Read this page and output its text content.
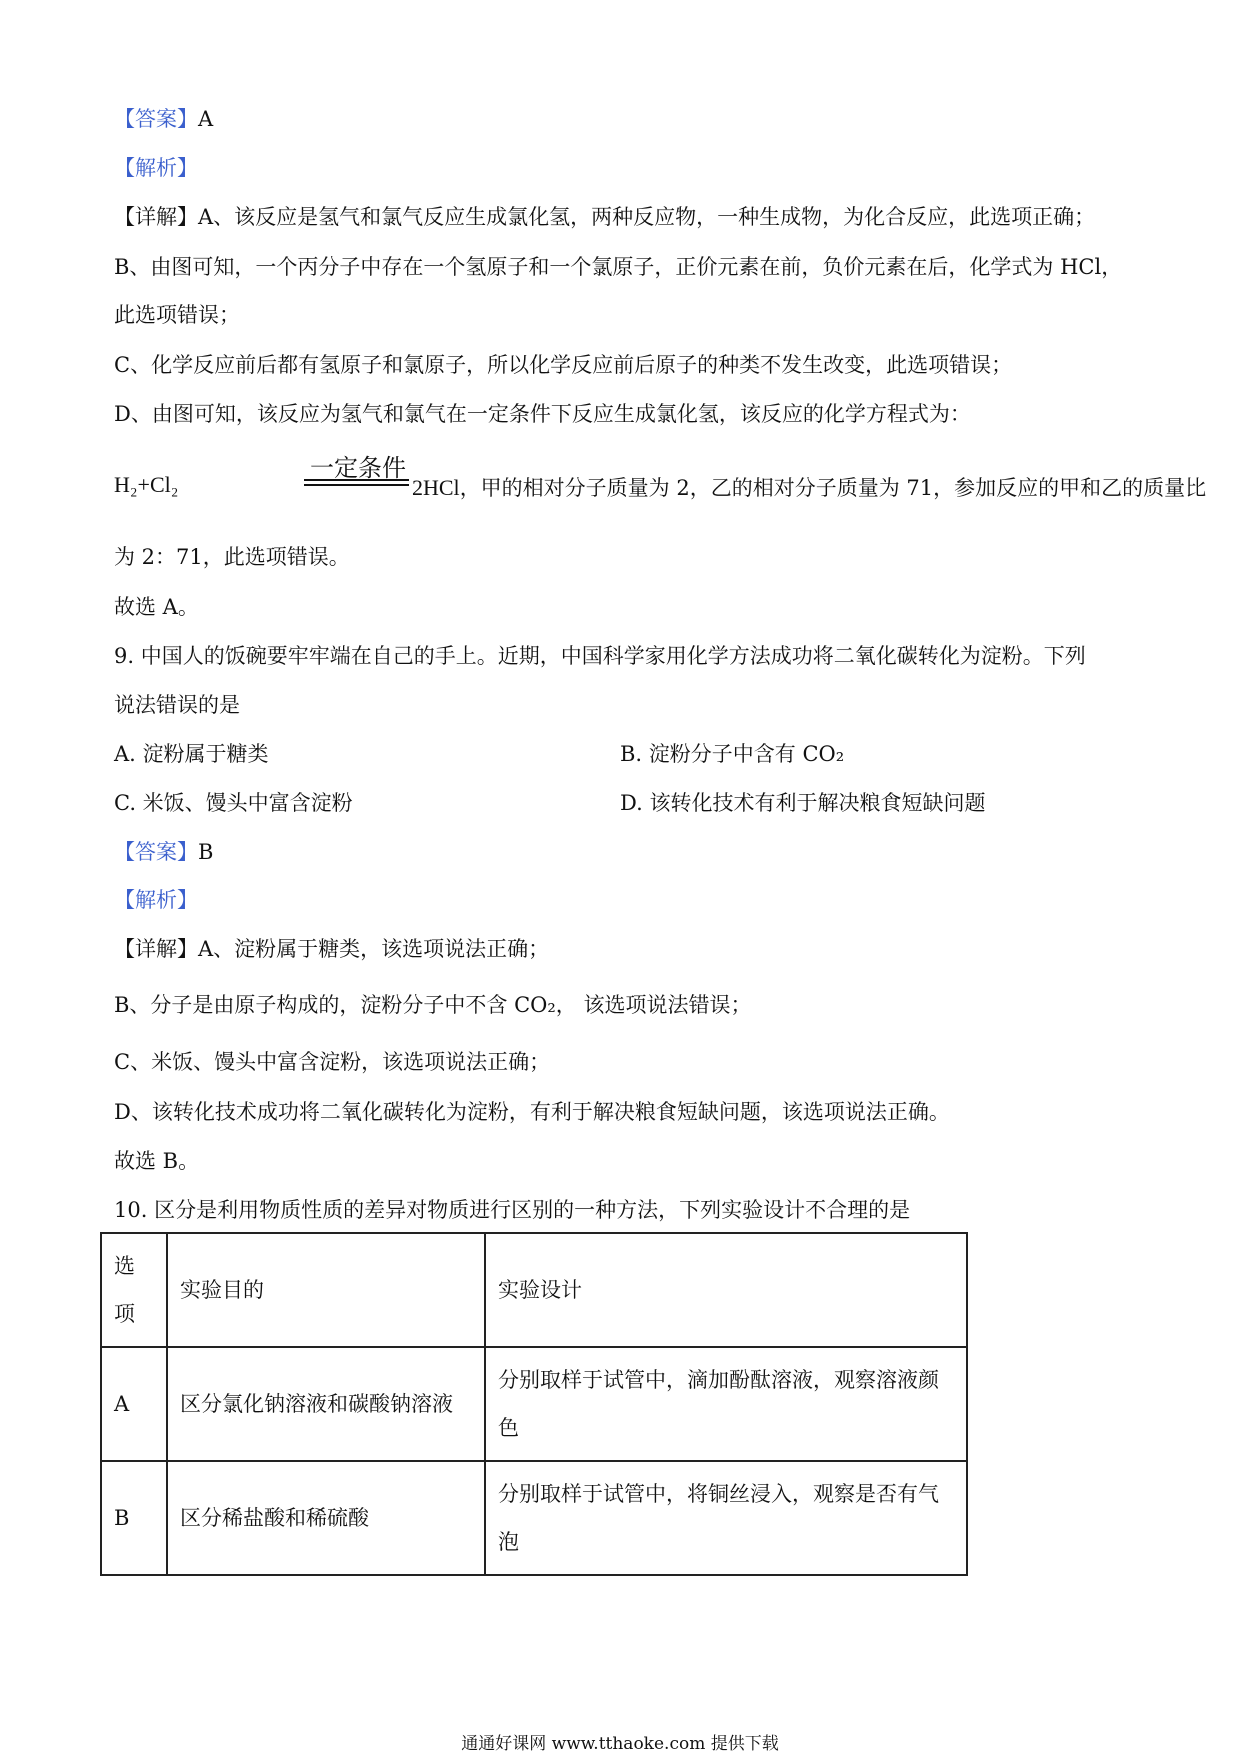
【答案】A
【解析】
【详解】A、该反应是氢气和氯气反应生成氯化氢，两种反应物，一种生成物，为化合反应，此选项正确；
B、由图可知，一个丙分子中存在一个氢原子和一个氯原子，正价元素在前，负价元素在后，化学式为 HCl，
此选项错误；
C、化学反应前后都有氢原子和氯原子，所以化学反应前后原子的种类不发生改变，此选项错误；
D、由图可知，该反应为氢气和氯气在一定条件下反应生成氯化氢，该反应的化学方程式为：
H₂+Cl₂
一定条件
2HCl，甲的相对分子质量为 2，乙的相对分子质量为 71，参加反应的甲和乙的质量比
为 2：71，此选项错误。
故选 A。
9. 中国人的饭碗要牢牢端在自己的手上。近期，中国科学家用化学方法成功将二氧化碳转化为淀粉。下列
说法错误的是
A. 淀粉属于糖类	B. 淀粉分子中含有 CO₂
C. 米饭、馒头中富含淀粉	D. 该转化技术有利于解决粮食短缺问题
【答案】B
【解析】
【详解】A、淀粉属于糖类，该选项说法正确；
B、分子是由原子构成的，淀粉分子中不含 CO₂， 该选项说法错误；
C、米饭、馒头中富含淀粉，该选项说法正确；
D、该转化技术成功将二氧化碳转化为淀粉，有利于解决粮食短缺问题，该选项说法正确。
故选 B。
10. 区分是利用物质性质的差异对物质进行区别的一种方法，下列实验设计不合理的是
选项	实验目的	实验设计
A	区分氯化钠溶液和碳酸钠溶液	分别取样于试管中，滴加酚酞溶液，观察溶液颜色
B	区分稀盐酸和稀硫酸	分别取样于试管中，将铜丝浸入，观察是否有气泡
通通好课网 www.tthaoke.com 提供下载
